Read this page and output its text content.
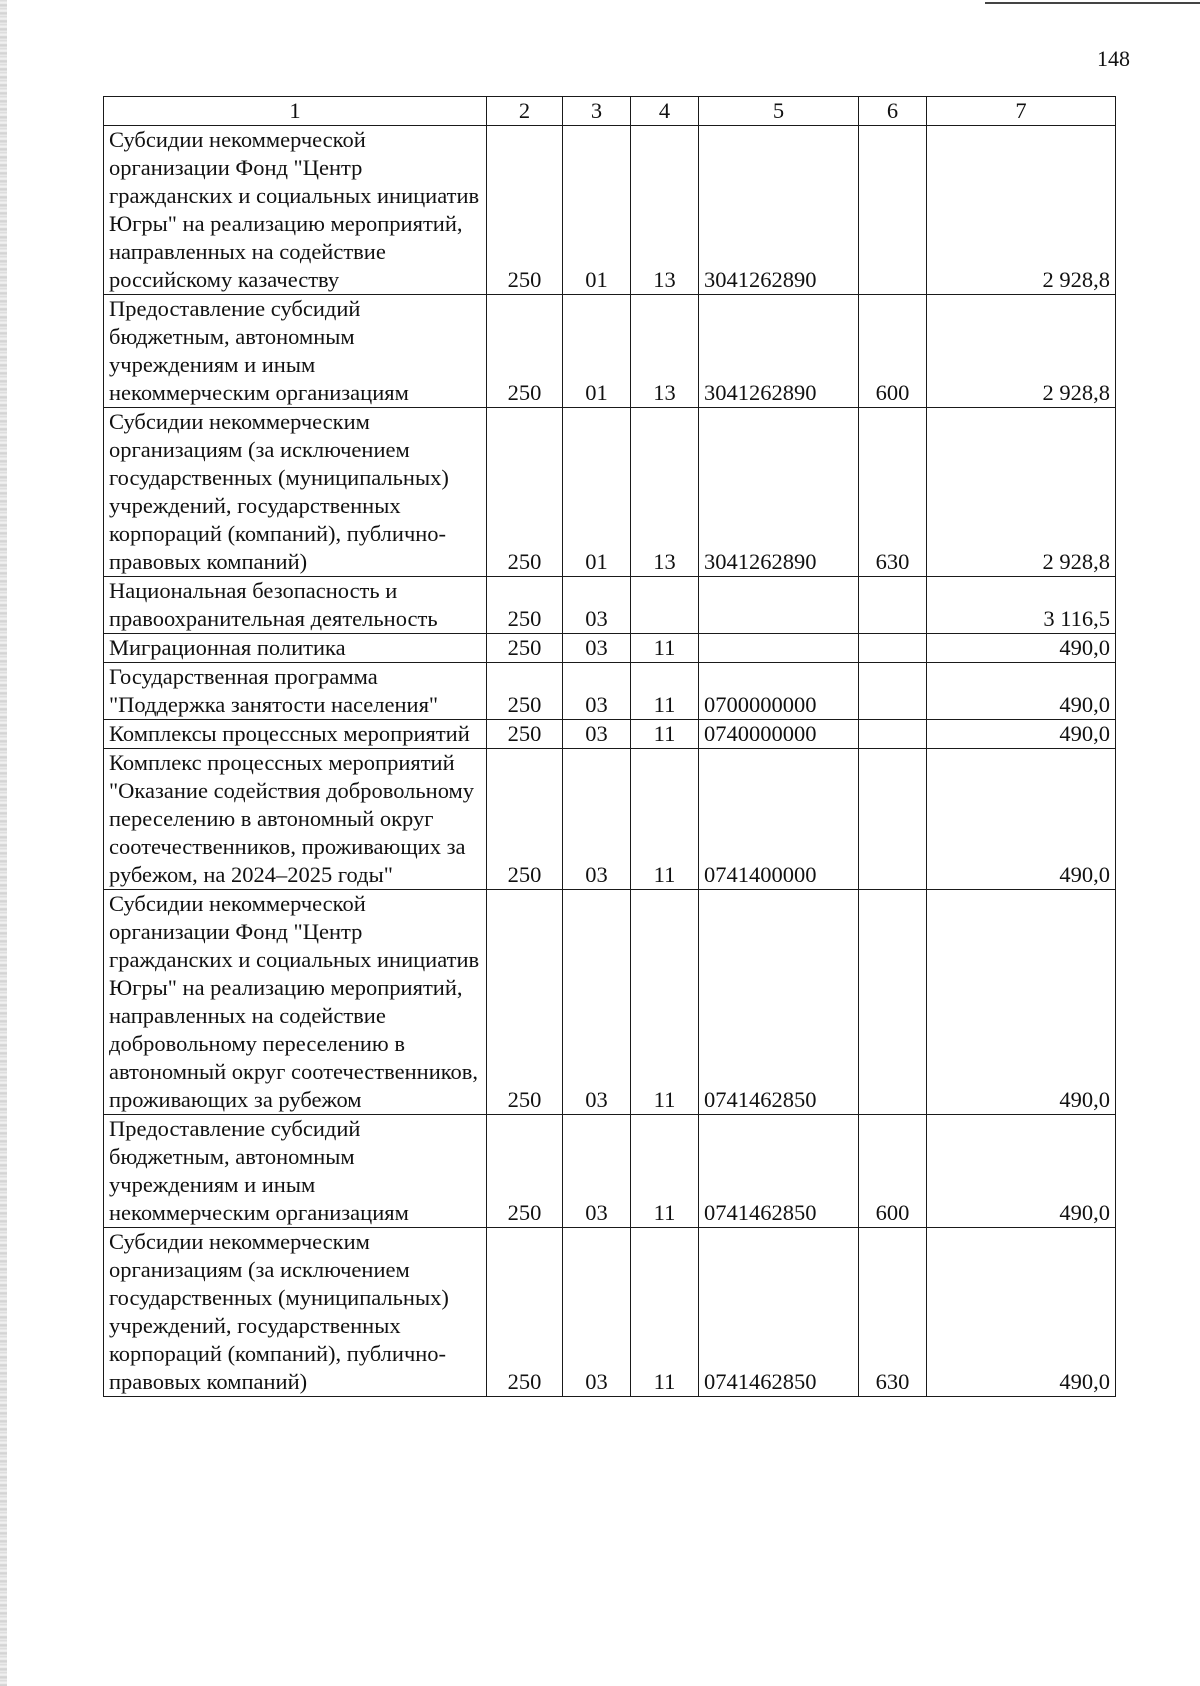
148
1	2	3	4	5	6	7
Субсидии некоммерческой организации Фонд "Центр гражданских и социальных инициатив Югры" на реализацию мероприятий, направленных на содействие российскому казачеству	250	01	13	3041262890		2 928,8
Предоставление субсидий бюджетным, автономным учреждениям и иным некоммерческим организациям	250	01	13	3041262890	600	2 928,8
Субсидии некоммерческим организациям (за исключением государственных (муниципальных) учреждений, государственных корпораций (компаний), публично-правовых компаний)	250	01	13	3041262890	630	2 928,8
Национальная безопасность и правоохранительная деятельность	250	03				3 116,5
Миграционная политика	250	03	11			490,0
Государственная программа "Поддержка занятости населения"	250	03	11	0700000000		490,0
Комплексы процессных мероприятий	250	03	11	0740000000		490,0
Комплекс процессных мероприятий "Оказание содействия добровольному переселению в автономный округ соотечественников, проживающих за рубежом, на 2024–2025 годы"	250	03	11	0741400000		490,0
Субсидии некоммерческой организации Фонд "Центр гражданских и социальных инициатив Югры" на реализацию мероприятий, направленных на содействие добровольному переселению в автономный округ соотечественников, проживающих за рубежом	250	03	11	0741462850		490,0
Предоставление субсидий бюджетным, автономным учреждениям и иным некоммерческим организациям	250	03	11	0741462850	600	490,0
Субсидии некоммерческим организациям (за исключением государственных (муниципальных) учреждений, государственных корпораций (компаний), публично-правовых компаний)	250	03	11	0741462850	630	490,0
